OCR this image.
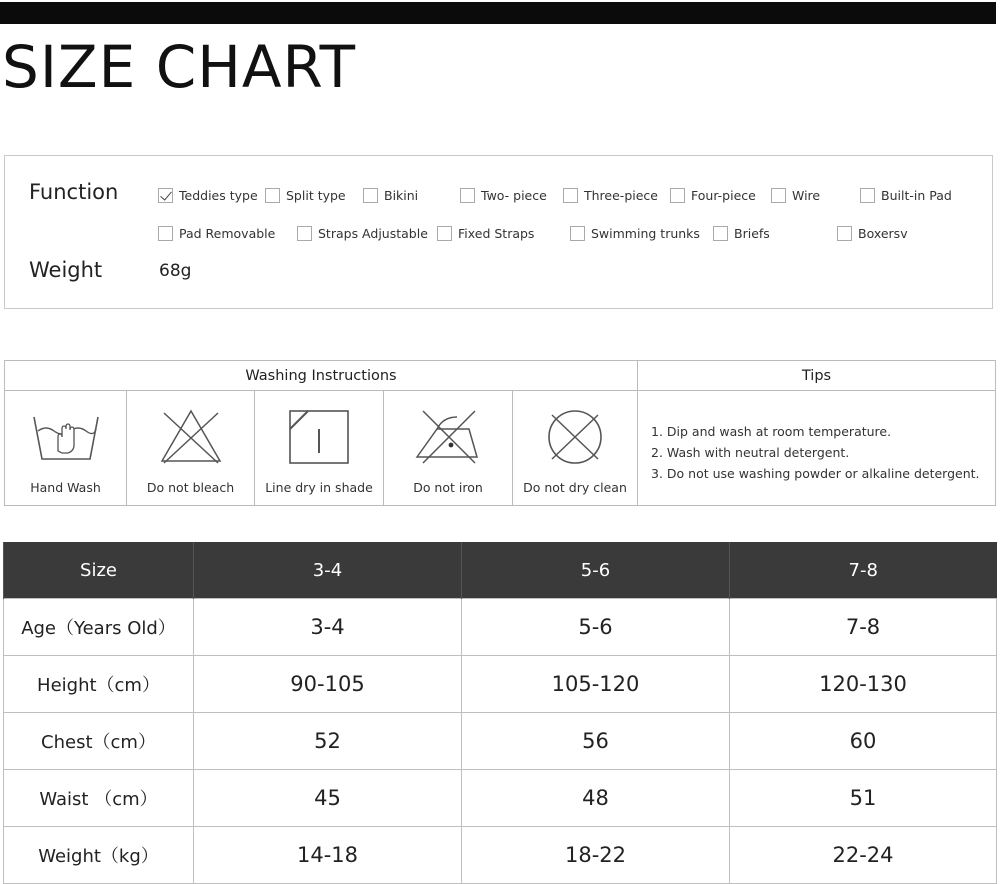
SIZE CHART
Function	Teddies type Split type	Bikini	Two- piece	Three-piece	Four-piece	Wire	Built-in Pad
Pad Removable	Straps Adjustable Fixed Straps	Swimming trunks	Briefs	Boxersv
Weight	68g
Washing Instructions	Tips
Hand Wash	Do not bleach	Line dry in shade	Do not iron	Do not dry clean
1. Dip and wash at room temperature.
2. Wash with neutral detergent.
3. Do not use washing powder or alkaline detergent.
Size	3-4	5-6	7-8
Age（Years Old）	3-4	5-6	7-8
Height（cm）	90-105	105-120	120-130
Chest（cm）	52	56	60
Waist （cm）	45	48	51
Weight（kg）	14-18	18-22	22-24
